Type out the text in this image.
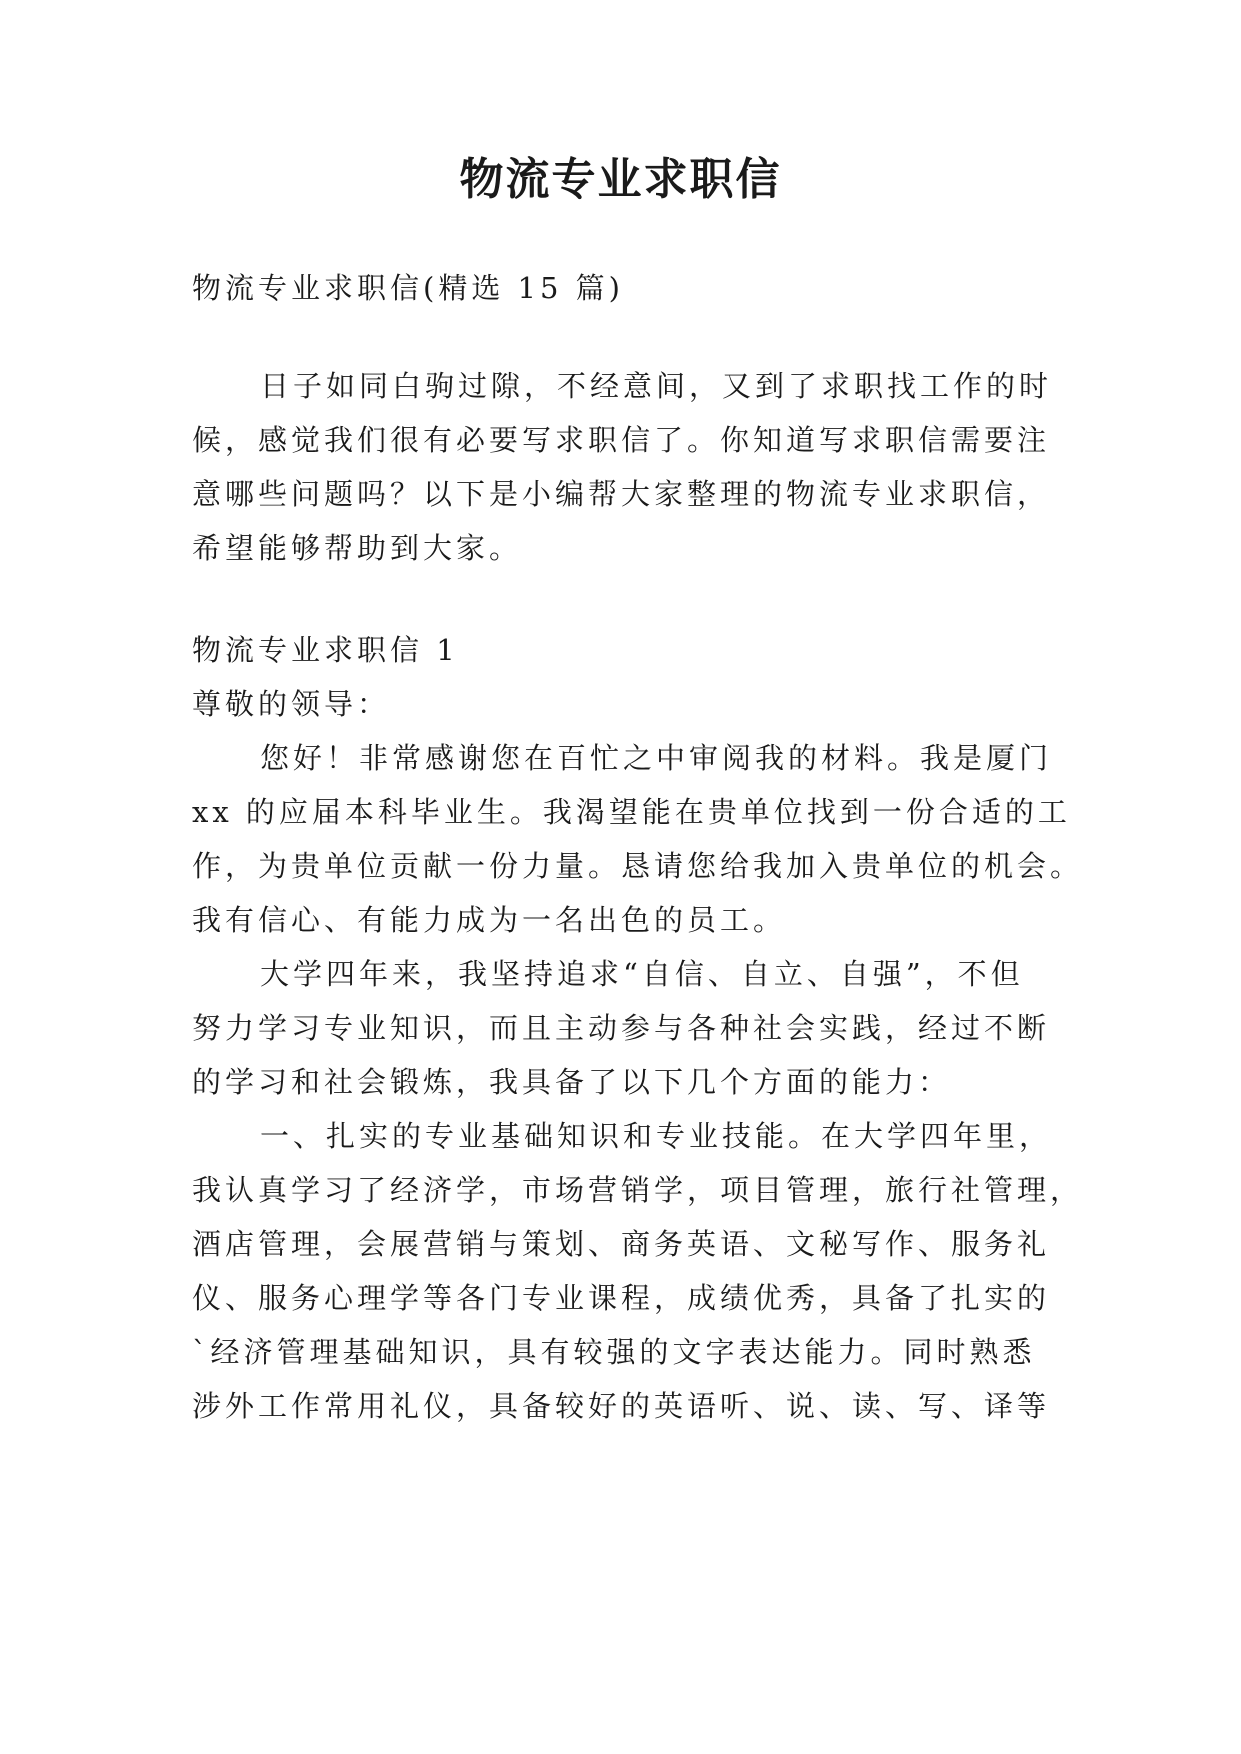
物流专业求职信
物流专业求职信(精选 15 篇)
日子如同白驹过隙，不经意间，又到了求职找工作的时
候，感觉我们很有必要写求职信了。你知道写求职信需要注
意哪些问题吗？以下是小编帮大家整理的物流专业求职信，
希望能够帮助到大家。
物流专业求职信 1
尊敬的领导：
您好！非常感谢您在百忙之中审阅我的材料。我是厦门
xx 的应届本科毕业生。我渴望能在贵单位找到一份合适的工
作，为贵单位贡献一份力量。恳请您给我加入贵单位的机会。
我有信心、有能力成为一名出色的员工。
大学四年来，我坚持追求“自信、自立、自强”，不但
努力学习专业知识，而且主动参与各种社会实践，经过不断
的学习和社会锻炼，我具备了以下几个方面的能力：
一、扎实的专业基础知识和专业技能。在大学四年里，
我认真学习了经济学，市场营销学，项目管理，旅行社管理，
酒店管理，会展营销与策划、商务英语、文秘写作、服务礼
仪、服务心理学等各门专业课程，成绩优秀，具备了扎实的
`经济管理基础知识，具有较强的文字表达能力。同时熟悉
涉外工作常用礼仪，具备较好的英语听、说、读、写、译等
